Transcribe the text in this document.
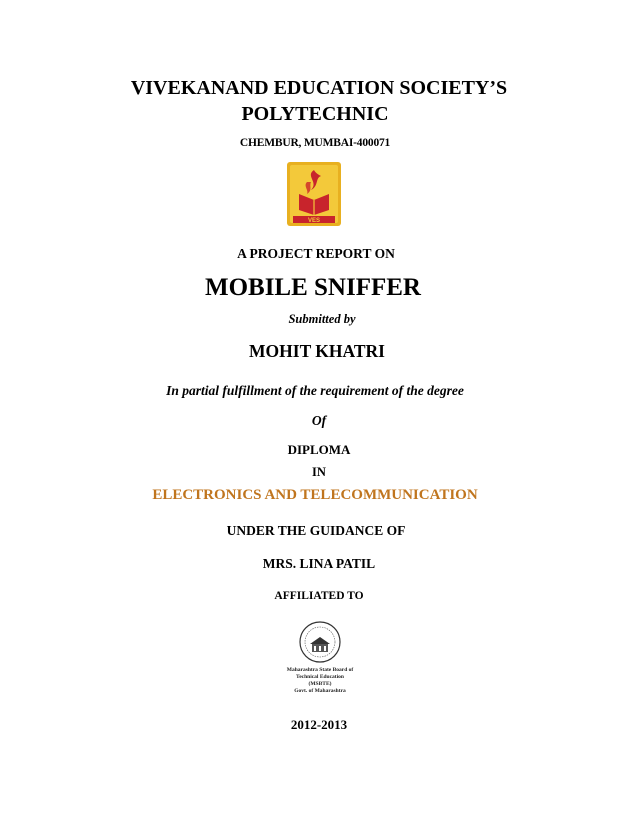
VIVEKANAND EDUCATION SOCIETY’S
POLYTECHNIC
CHEMBUR, MUMBAI-400071
VES
A PROJECT REPORT ON
MOBILE SNIFFER
Submitted by
MOHIT KHATRI
In partial fulfillment of the requirement of the degree
Of
DIPLOMA
IN
ELECTRONICS AND TELECOMMUNICATION
UNDER THE GUIDANCE OF
MRS. LINA PATIL
AFFILIATED TO
Maharashtra State Board of
Technical Education
(MSBTE)
Govt. of Maharashtra
2012-2013
